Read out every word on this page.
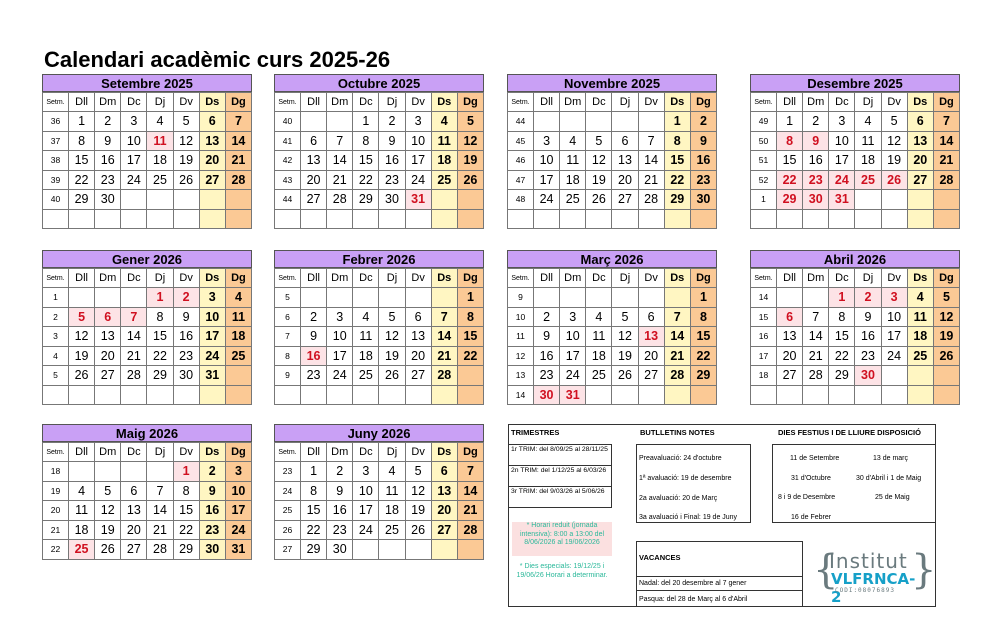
Calendari acadèmic curs 2025-26
Setembre 2025
Setm.	Dll	Dm	Dc	Dj	Dv	Ds	Dg
36	1	2	3	4	5	6	7
37	8	9	10	11	12	13	14
38	15	16	17	18	19	20	21
39	22	23	24	25	26	27	28
40	29	30					

Octubre 2025
Setm.	Dll	Dm	Dc	Dj	Dv	Ds	Dg
40			1	2	3	4	5
41	6	7	8	9	10	11	12
42	13	14	15	16	17	18	19
43	20	21	22	23	24	25	26
44	27	28	29	30	31		

Novembre 2025
Setm.	Dll	Dm	Dc	Dj	Dv	Ds	Dg
44						1	2
45	3	4	5	6	7	8	9
46	10	11	12	13	14	15	16
47	17	18	19	20	21	22	23
48	24	25	26	27	28	29	30

Desembre 2025
Setm.	Dll	Dm	Dc	Dj	Dv	Ds	Dg
49	1	2	3	4	5	6	7
50	8	9	10	11	12	13	14
51	15	16	17	18	19	20	21
52	22	23	24	25	26	27	28
1	29	30	31				

Gener 2026
Setm.	Dll	Dm	Dc	Dj	Dv	Ds	Dg
1				1	2	3	4
2	5	6	7	8	9	10	11
3	12	13	14	15	16	17	18
4	19	20	21	22	23	24	25
5	26	27	28	29	30	31	

Febrer 2026
Setm.	Dll	Dm	Dc	Dj	Dv	Ds	Dg
5							1
6	2	3	4	5	6	7	8
7	9	10	11	12	13	14	15
8	16	17	18	19	20	21	22
9	23	24	25	26	27	28	

Març 2026
Setm.	Dll	Dm	Dc	Dj	Dv	Ds	Dg
9							1
10	2	3	4	5	6	7	8
11	9	10	11	12	13	14	15
12	16	17	18	19	20	21	22
13	23	24	25	26	27	28	29
14	30	31					
Abril 2026
Setm.	Dll	Dm	Dc	Dj	Dv	Ds	Dg
14			1	2	3	4	5
15	6	7	8	9	10	11	12
16	13	14	15	16	17	18	19
17	20	21	22	23	24	25	26
18	27	28	29	30			

Maig 2026
Setm.	Dll	Dm	Dc	Dj	Dv	Ds	Dg
18					1	2	3
19	4	5	6	7	8	9	10
20	11	12	13	14	15	16	17
21	18	19	20	21	22	23	24
22	25	26	27	28	29	30	31
Juny 2026
Setm.	Dll	Dm	Dc	Dj	Dv	Ds	Dg
23	1	2	3	4	5	6	7
24	8	9	10	11	12	13	14
25	15	16	17	18	19	20	21
26	22	23	24	25	26	27	28
27	29	30					
TRIMESTRES
1r TRIM: del 8/09/25 al 28/11/25
2n TRIM: del 1/12/25 al 6/03/26
3r TRIM: del 9/03/26 al 5/06/26
* Horari reduit (jornada intensiva): 8:00 a 13:00 del 8/06/2026 al 19/06/2026
* Dies especials: 19/12/25 i 19/06/26 Horari a determinar.
BUTLLETINS NOTES
Preavaluació: 24 d'octubre
1ª avaluació: 19 de desembre
2a avaluació: 20 de Març
3a avaluació i Final: 19 de Juny
DIES FESTIUS I DE LLIURE DISPOSICIÓ
11 de Setembre
31 d'Octubre
8 i 9 de Desembre
16 de Febrer
13 de març
30 d'Abril i 1 de Maig
25 de Maig
VACANCES
Nadal: del 20 desembre al 7 gener
Pasqua: del 28 de Març al 6 d'Abril
{
Institut
VLFRNCA-2
CODI:08076893 }
